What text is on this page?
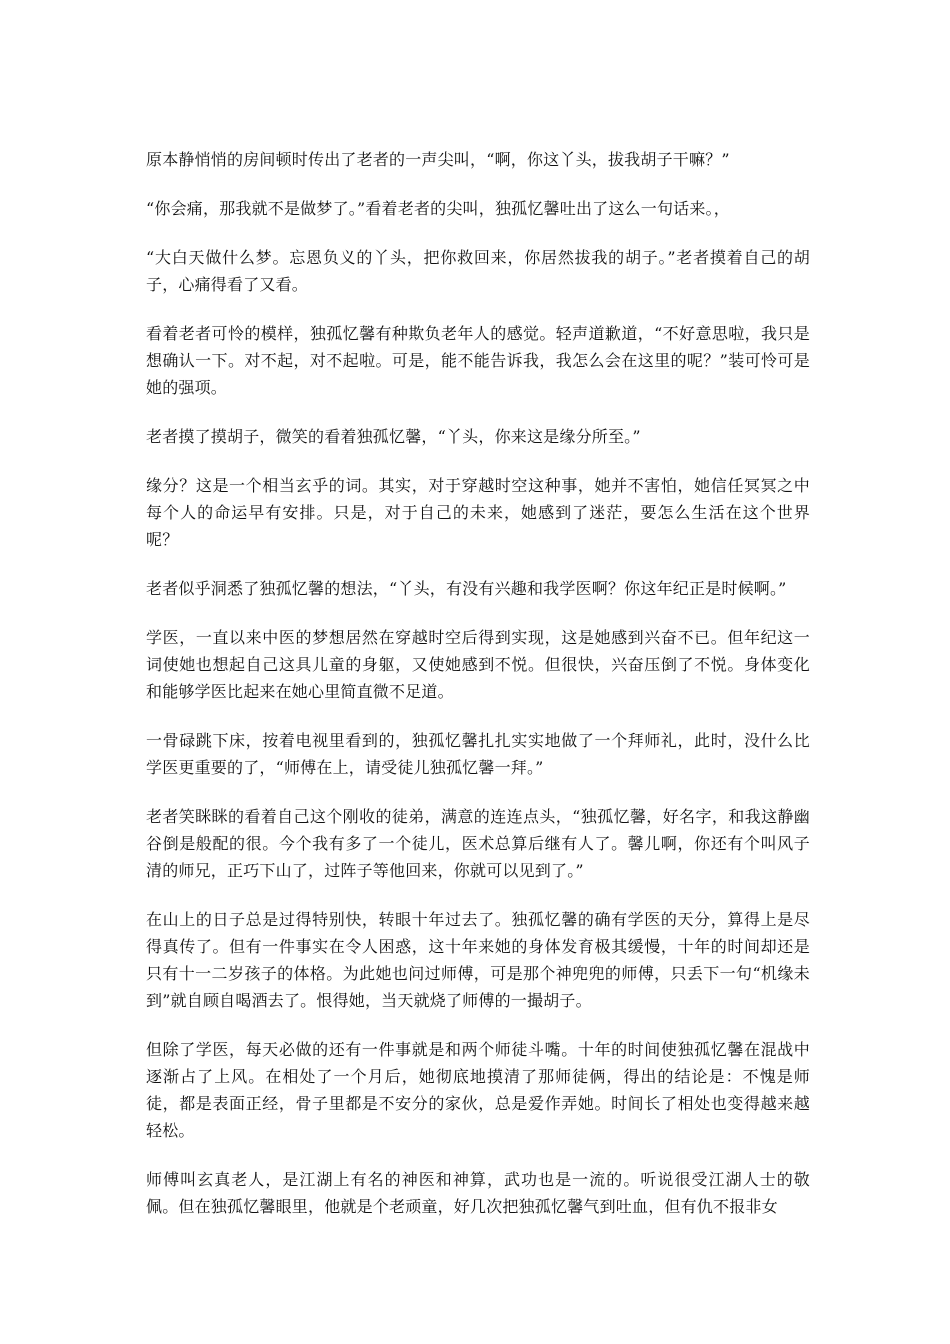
原本静悄悄的房间顿时传出了老者的一声尖叫，“啊，你这丫头，拔我胡子干嘛？”

“你会痛，那我就不是做梦了。”看着老者的尖叫，独孤忆馨吐出了这么一句话来。，

“大白天做什么梦。忘恩负义的丫头，把你救回来，你居然拔我的胡子。”老者摸着自己的胡子，心痛得看了又看。

看着老者可怜的模样，独孤忆馨有种欺负老年人的感觉。轻声道歉道，“不好意思啦，我只是想确认一下。对不起，对不起啦。可是，能不能告诉我，我怎么会在这里的呢？”装可怜可是她的强项。

老者摸了摸胡子，微笑的看着独孤忆馨，“丫头，你来这是缘分所至。”

缘分？这是一个相当玄乎的词。其实，对于穿越时空这种事，她并不害怕，她信任冥冥之中每个人的命运早有安排。只是，对于自己的未来，她感到了迷茫，要怎么生活在这个世界呢？

老者似乎洞悉了独孤忆馨的想法，“丫头，有没有兴趣和我学医啊？你这年纪正是时候啊。”

学医，一直以来中医的梦想居然在穿越时空后得到实现，这是她感到兴奋不已。但年纪这一词使她也想起自己这具儿童的身躯，又使她感到不悦。但很快，兴奋压倒了不悦。身体变化和能够学医比起来在她心里简直微不足道。

一骨碌跳下床，按着电视里看到的，独孤忆馨扎扎实实地做了一个拜师礼，此时，没什么比学医更重要的了，“师傅在上，请受徒儿独孤忆馨一拜。”

老者笑眯眯的看着自己这个刚收的徒弟，满意的连连点头，“独孤忆馨，好名字，和我这静幽谷倒是般配的很。今个我有多了一个徒儿，医术总算后继有人了。馨儿啊，你还有个叫风子清的师兄，正巧下山了，过阵子等他回来，你就可以见到了。”

在山上的日子总是过得特别快，转眼十年过去了。独孤忆馨的确有学医的天分，算得上是尽得真传了。但有一件事实在令人困惑，这十年来她的身体发育极其缓慢，十年的时间却还是只有十一二岁孩子的体格。为此她也问过师傅，可是那个神兜兜的师傅，只丢下一句“机缘未到”就自顾自喝酒去了。恨得她，当天就烧了师傅的一撮胡子。

但除了学医，每天必做的还有一件事就是和两个师徒斗嘴。十年的时间使独孤忆馨在混战中逐渐占了上风。在相处了一个月后，她彻底地摸清了那师徒俩，得出的结论是：不愧是师徒，都是表面正经，骨子里都是不安分的家伙，总是爱作弄她。时间长了相处也变得越来越轻松。

师傅叫玄真老人，是江湖上有名的神医和神算，武功也是一流的。听说很受江湖人士的敬佩。但在独孤忆馨眼里，他就是个老顽童，好几次把独孤忆馨气到吐血，但有仇不报非女
